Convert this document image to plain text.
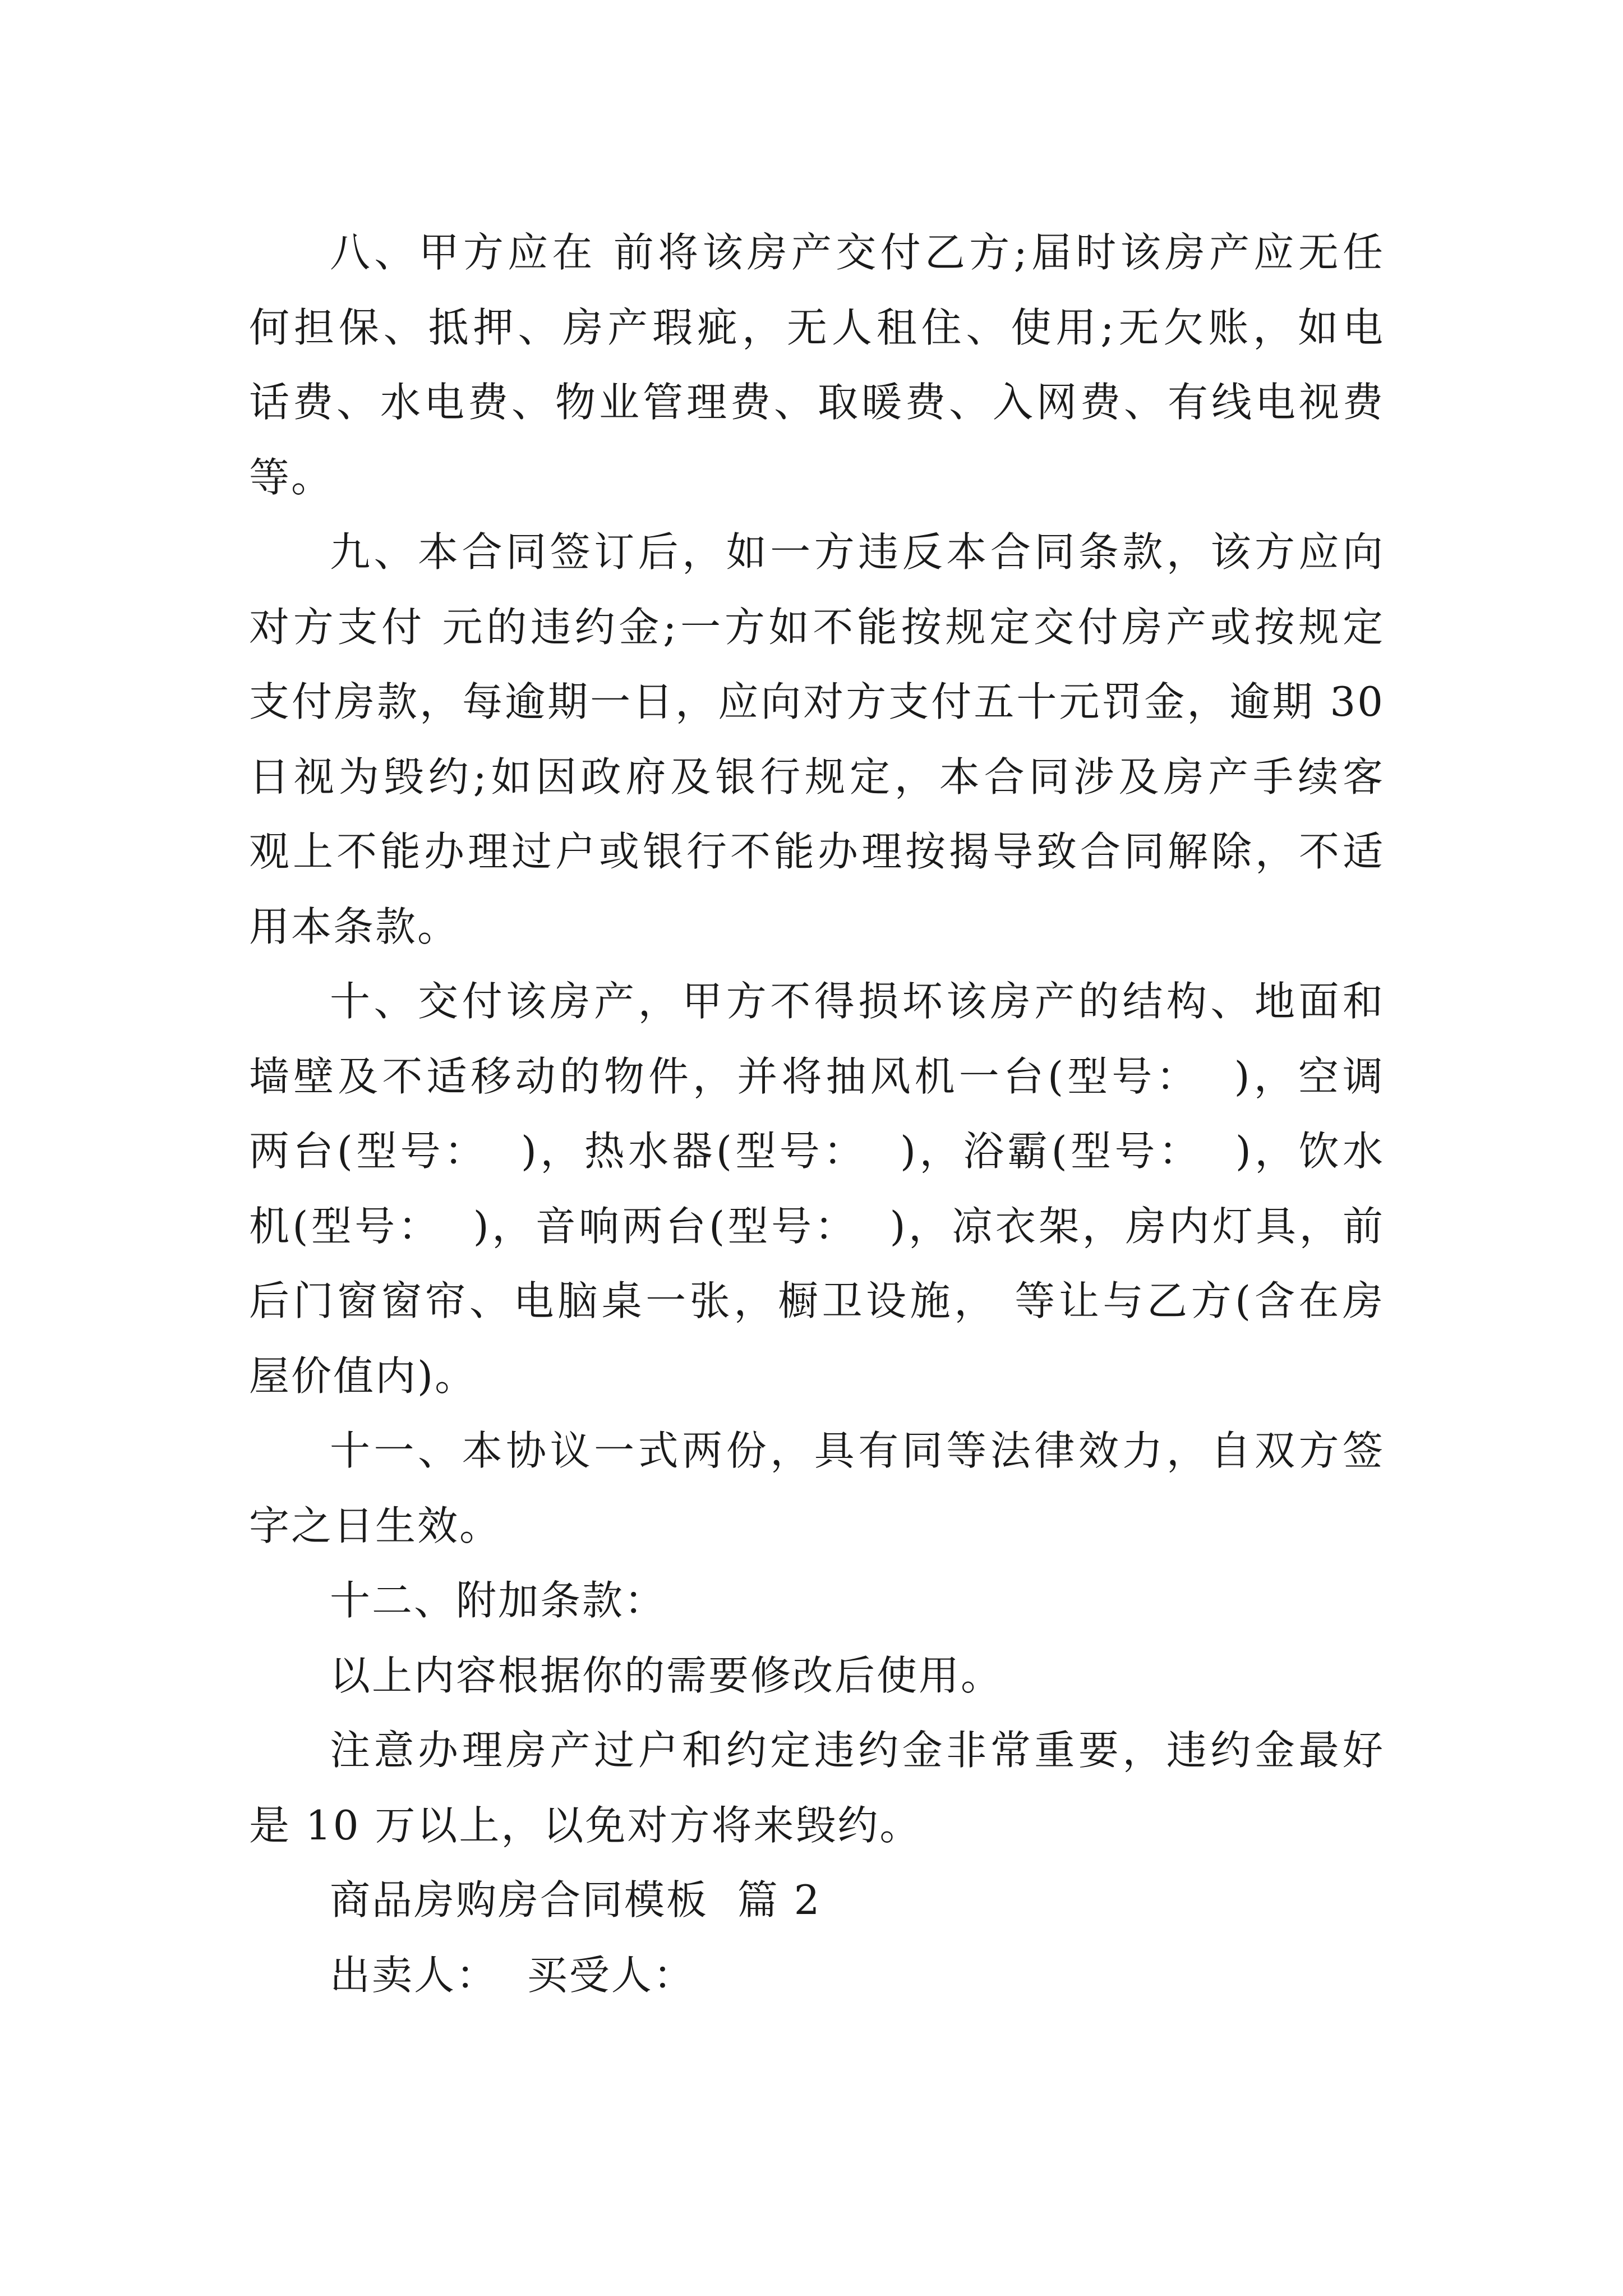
八、甲方应在 前将该房产交付乙方;届时该房产应无任
何担保、抵押、房产瑕疵，无人租住、使用;无欠账，如电
话费、水电费、物业管理费、取暖费、入网费、有线电视费
等。
九、本合同签订后，如一方违反本合同条款，该方应向
对方支付 元的违约金;一方如不能按规定交付房产或按规定
支付房款，每逾期一日，应向对方支付五十元罚金，逾期 30
日视为毁约;如因政府及银行规定，本合同涉及房产手续客
观上不能办理过户或银行不能办理按揭导致合同解除，不适
用本条款。
十、交付该房产，甲方不得损坏该房产的结构、地面和
墙壁及不适移动的物件，并将抽风机一台(型号：  )，空调
两台(型号：  )，热水器(型号：  )，浴霸(型号：  )，饮水
机(型号：  )，音响两台(型号：  )，凉衣架，房内灯具，前
后门窗窗帘、电脑桌一张，橱卫设施， 等让与乙方(含在房
屋价值内)。
十一、本协议一式两份，具有同等法律效力，自双方签
字之日生效。
十二、附加条款：
以上内容根据你的需要修改后使用。
注意办理房产过户和约定违约金非常重要，违约金最好
是 10 万以上，以免对方将来毁约。
商品房购房合同模板  篇 2
出卖人：  买受人：
